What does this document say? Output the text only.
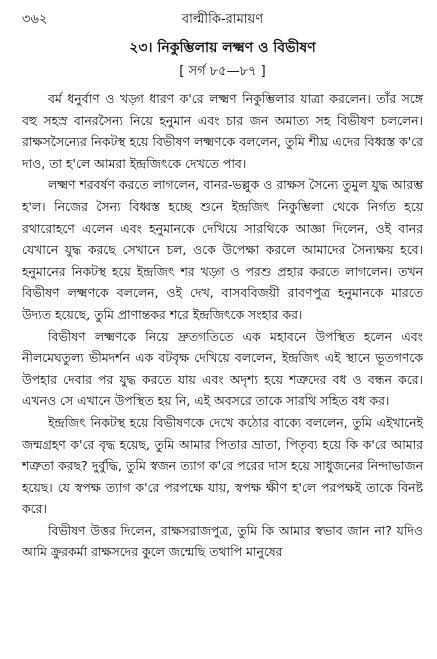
৩৬২	বাল্মীকি-রামায়ণ
২৩। নিকুম্ভিলায় লক্ষ্মণ ও বিভীষণ
[ সর্গ ৮৫—৮৭ ]

বর্ম ধনুর্বাণ ও খড়্গ ধারণ ক'রে লক্ষ্মণ নিকুম্ভিলার যাত্রা করলেন। তাঁর সঙ্গে বহু সহস্র বানরসৈন্য নিয়ে হনুমান এবং চার জন অমাত্য সহ বিভীষণ চললেন। রাক্ষসসৈন্যের নিকটস্থ হয়ে বিভীষণ লক্ষ্মণকে বললেন, তুমি শীঘ্র এদের বিধ্বস্ত ক'রে দাও, তা হ'লে আমরা ইন্দ্রজিৎকে দেখতে পাব।

লক্ষ্মণ শরবর্ষণ করতে লাগলেন, বানর-ভল্লুক ও রাক্ষস সৈন্যে তুমুল যুদ্ধ আরম্ভ হ'ল। নিজের সৈন্য বিধ্বস্ত হচ্ছে শুনে ইন্দ্রজিৎ নিকুম্ভিলা থেকে নির্গত হয়ে রথারোহণে এলেন এবং হনুমানকে দেখিয়ে সারথিকে আজ্ঞা দিলেন, ওই বানর যেখানে যুদ্ধ করছে সেখানে চল, ওকে উপেক্ষা করলে আমাদের সৈন্যক্ষয় হবে। হনুমানের নিকটস্থ হয়ে ইন্দ্রজিৎ শর খড়্গ ও পরশু প্রহার করতে লাগলেন। তখন বিভীষণ লক্ষ্মণকে বললেন, ওই দেখ, বাসববিজয়ী রাবণপুত্র হনুমানকে মারতে উদ্যত হয়েছে, তুমি প্রাণান্তকর শরে ইন্দ্রজিৎকে সংহার কর।

বিভীষণ লক্ষ্মণকে নিয়ে দ্রুতগতিতে এক মহাবনে উপস্থিত হলেন এবং নীলমেঘতুল্য ভীমদর্শন এক বটবৃক্ষ দেখিয়ে বললেন, ইন্দ্রজিৎ এই স্থানে ভূতগণকে উপহার দেবার পর যুদ্ধ করতে যায় এবং অদৃশ্য হয়ে শত্রুদের বধ ও বন্ধন করে। এখনও সে এখানে উপস্থিত হয় নি, এই অবসরে তাকে সারথি সহিত বধ কর।

ইন্দ্রজিৎ নিকটস্থ হয়ে বিভীষণকে দেখে কঠোর বাক্যে বললেন, তুমি এইখানেই জন্মগ্রহণ ক'রে বৃদ্ধ হয়েছ, তুমি আমার পিতার ভ্রাতা, পিতৃব্য হয়ে কি ক'রে আমার শত্রুতা করছ? দুর্বুদ্ধি, তুমি স্বজন ত্যাগ ক'রে পরের দাস হয়ে সাধুজনের নিন্দাভাজন হয়েছ। যে স্বপক্ষ ত্যাগ ক'রে পরপক্ষে যায়, স্বপক্ষ ক্ষীণ হ'লে পরপক্ষই তাকে বিনষ্ট করে।

বিভীষণ উত্তর দিলেন, রাক্ষসরাজপুত্র, তুমি কি আমার স্বভাব জান না? যদিও আমি ক্রুরকর্মা রাক্ষসদের কুলে জন্মেছি তথাপি মানুষের
